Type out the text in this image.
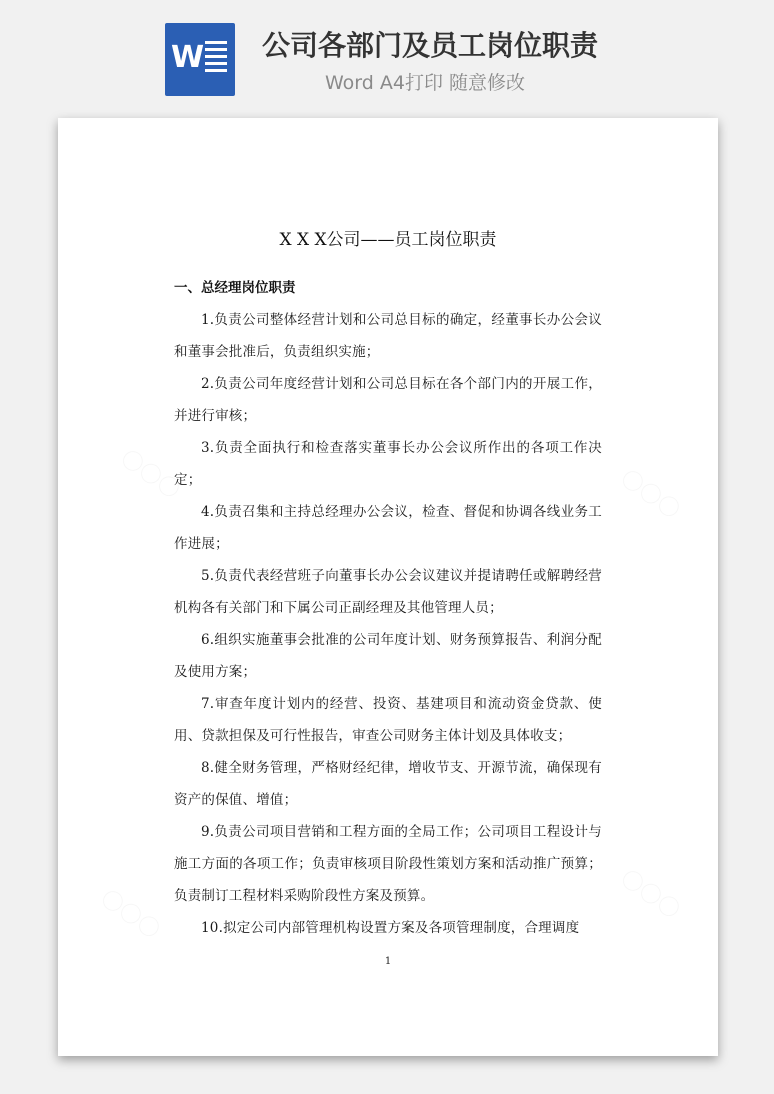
W 公司各部门及员工岗位职责
Word A4打印 随意修改
X X X公司——员工岗位职责
一、总经理岗位职责

1.负责公司整体经营计划和公司总目标的确定，经董事长办公会议和董事会批准后，负责组织实施；

2.负责公司年度经营计划和公司总目标在各个部门内的开展工作，并进行审核；

3.负责全面执行和检查落实董事长办公会议所作出的各项工作决定；

4.负责召集和主持总经理办公会议，检查、督促和协调各线业务工作进展；

5.负责代表经营班子向董事长办公会议建议并提请聘任或解聘经营机构各有关部门和下属公司正副经理及其他管理人员；

6.组织实施董事会批准的公司年度计划、财务预算报告、利润分配及使用方案；

7.审查年度计划内的经营、投资、基建项目和流动资金贷款、使用、贷款担保及可行性报告，审查公司财务主体计划及具体收支；

8.健全财务管理，严格财经纪律，增收节支、开源节流，确保现有资产的保值、增值；

9.负责公司项目营销和工程方面的全局工作；公司项目工程设计与施工方面的各项工作；负责审核项目阶段性策划方案和活动推广预算；负责制订工程材料采购阶段性方案及预算。

10.拟定公司内部管理机构设置方案及各项管理制度，合理调度

1
